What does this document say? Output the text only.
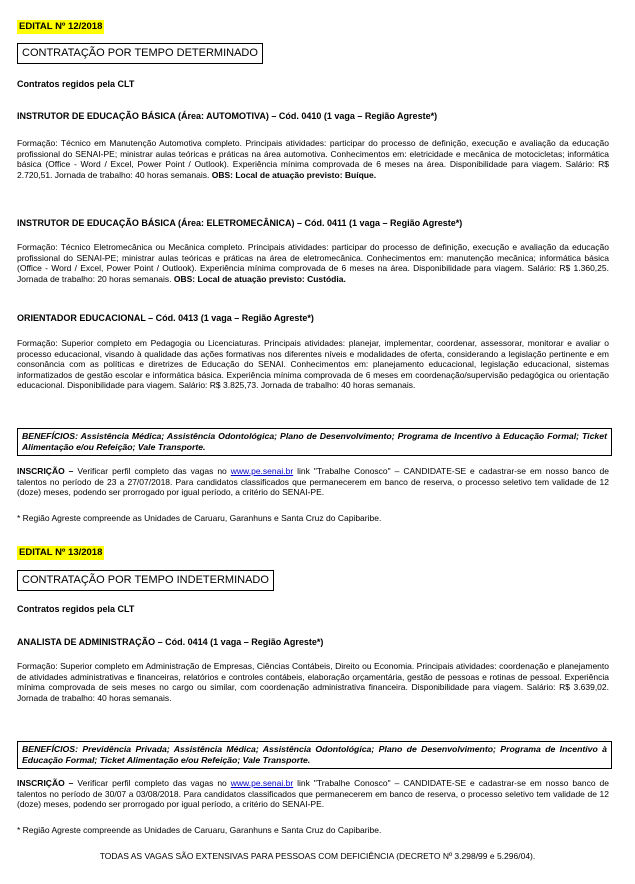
EDITAL Nº 12/2018
CONTRATAÇÃO POR TEMPO DETERMINADO
Contratos regidos pela CLT
INSTRUTOR DE EDUCAÇÃO BÁSICA (Área: AUTOMOTIVA) – Cód. 0410 (1 vaga – Região Agreste*)
Formação: Técnico em Manutenção Automotiva completo. Principais atividades: participar do processo de definição, execução e avaliação da educação profissional do SENAI-PE; ministrar aulas teóricas e práticas na área automotiva. Conhecimentos em: eletricidade e mecânica de motocicletas; informática básica (Office - Word / Excel, Power Point / Outlook). Experiência mínima comprovada de 6 meses na área. Disponibilidade para viagem. Salário: R$ 2.720,51. Jornada de trabalho: 40 horas semanais. OBS: Local de atuação previsto: Buíque.
INSTRUTOR DE EDUCAÇÃO BÁSICA (Área: ELETROMECÂNICA) – Cód. 0411 (1 vaga – Região Agreste*)
Formação: Técnico Eletromecânica ou Mecânica completo. Principais atividades: participar do processo de definição, execução e avaliação da educação profissional do SENAI-PE; ministrar aulas teóricas e práticas na área de eletromecânica. Conhecimentos em: manutenção mecânica; informática básica (Office - Word / Excel, Power Point / Outlook). Experiência mínima comprovada de 6 meses na área. Disponibilidade para viagem. Salário: R$ 1.360,25. Jornada de trabalho: 20 horas semanais. OBS: Local de atuação previsto: Custódia.
ORIENTADOR EDUCACIONAL – Cód. 0413 (1 vaga – Região Agreste*)
Formação: Superior completo em Pedagogia ou Licenciaturas. Principais atividades: planejar, implementar, coordenar, assessorar, monitorar e avaliar o processo educacional, visando à qualidade das ações formativas nos diferentes níveis e modalidades de oferta, considerando a legislação pertinente e em consonância com as políticas e diretrizes de Educação do SENAI. Conhecimentos em: planejamento educacional, legislação educacional, sistemas informatizados de gestão escolar e informática básica. Experiência mínima comprovada de 6 meses em coordenação/supervisão pedagógica ou orientação educacional. Disponibilidade para viagem. Salário: R$ 3.825,73. Jornada de trabalho: 40 horas semanais.
BENEFÍCIOS: Assistência Médica; Assistência Odontológica; Plano de Desenvolvimento; Programa de Incentivo à Educação Formal; Ticket Alimentação e/ou Refeição; Vale Transporte.
INSCRIÇÃO – Verificar perfil completo das vagas no www.pe.senai.br link "Trabalhe Conosco" – CANDIDATE-SE e cadastrar-se em nosso banco de talentos no período de 23 a 27/07/2018. Para candidatos classificados que permanecerem em banco de reserva, o processo seletivo tem validade de 12 (doze) meses, podendo ser prorrogado por igual período, a critério do SENAI-PE.
* Região Agreste compreende as Unidades de Caruaru, Garanhuns e Santa Cruz do Capibaribe.
EDITAL Nº 13/2018
CONTRATAÇÃO POR TEMPO INDETERMINADO
Contratos regidos pela CLT
ANALISTA DE ADMINISTRAÇÃO – Cód. 0414 (1 vaga – Região Agreste*)
Formação: Superior completo em Administração de Empresas, Ciências Contábeis, Direito ou Economia. Principais atividades: coordenação e planejamento de atividades administrativas e financeiras, relatórios e controles contábeis, elaboração orçamentária, gestão de pessoas e rotinas de pessoal. Experiência mínima comprovada de seis meses no cargo ou similar, com coordenação administrativa financeira. Disponibilidade para viagem. Salário: R$ 3.639,02. Jornada de trabalho: 40 horas semanais.
BENEFÍCIOS: Previdência Privada; Assistência Médica; Assistência Odontológica; Plano de Desenvolvimento; Programa de Incentivo à Educação Formal; Ticket Alimentação e/ou Refeição; Vale Transporte.
INSCRIÇÃO – Verificar perfil completo das vagas no www.pe.senai.br link "Trabalhe Conosco" – CANDIDATE-SE e cadastrar-se em nosso banco de talentos no período de 30/07 a 03/08/2018. Para candidatos classificados que permanecerem em banco de reserva, o processo seletivo tem validade de 12 (doze) meses, podendo ser prorrogado por igual período, a critério do SENAI-PE.
* Região Agreste compreende as Unidades de Caruaru, Garanhuns e Santa Cruz do Capibaribe.
TODAS AS VAGAS SÃO EXTENSIVAS PARA PESSOAS COM DEFICIÊNCIA (DECRETO Nº 3.298/99 e 5.296/04).
